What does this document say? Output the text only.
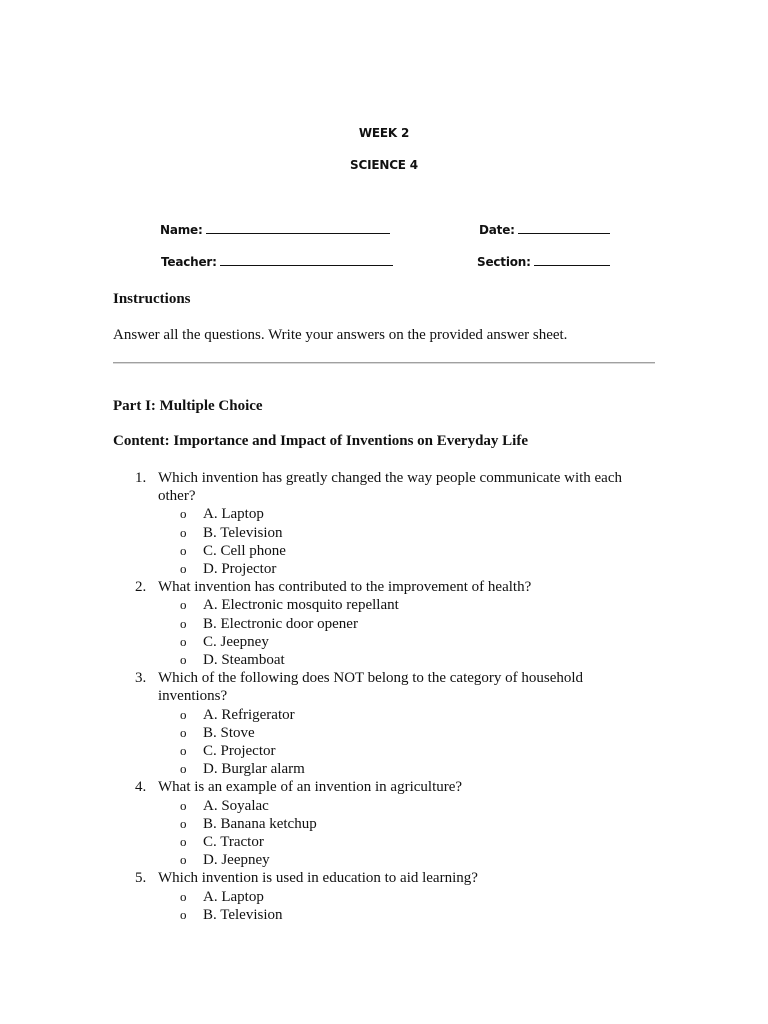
WEEK 2
SCIENCE 4
Name:	Date:
Teacher:	Section:
Instructions
Answer all the questions. Write your answers on the provided answer sheet.
Part I: Multiple Choice
Content: Importance and Impact of Inventions on Everyday Life
1. Which invention has greatly changed the way people communicate with each
other?
o A. Laptop
o B. Television
o C. Cell phone
o D. Projector
2. What invention has contributed to the improvement of health?
o A. Electronic mosquito repellant
o B. Electronic door opener
o C. Jeepney
o D. Steamboat
3. Which of the following does NOT belong to the category of household
inventions?
o A. Refrigerator
o B. Stove
o C. Projector
o D. Burglar alarm
4. What is an example of an invention in agriculture?
o A. Soyalac
o B. Banana ketchup
o C. Tractor
o D. Jeepney
5. Which invention is used in education to aid learning?
o A. Laptop
o B. Television
